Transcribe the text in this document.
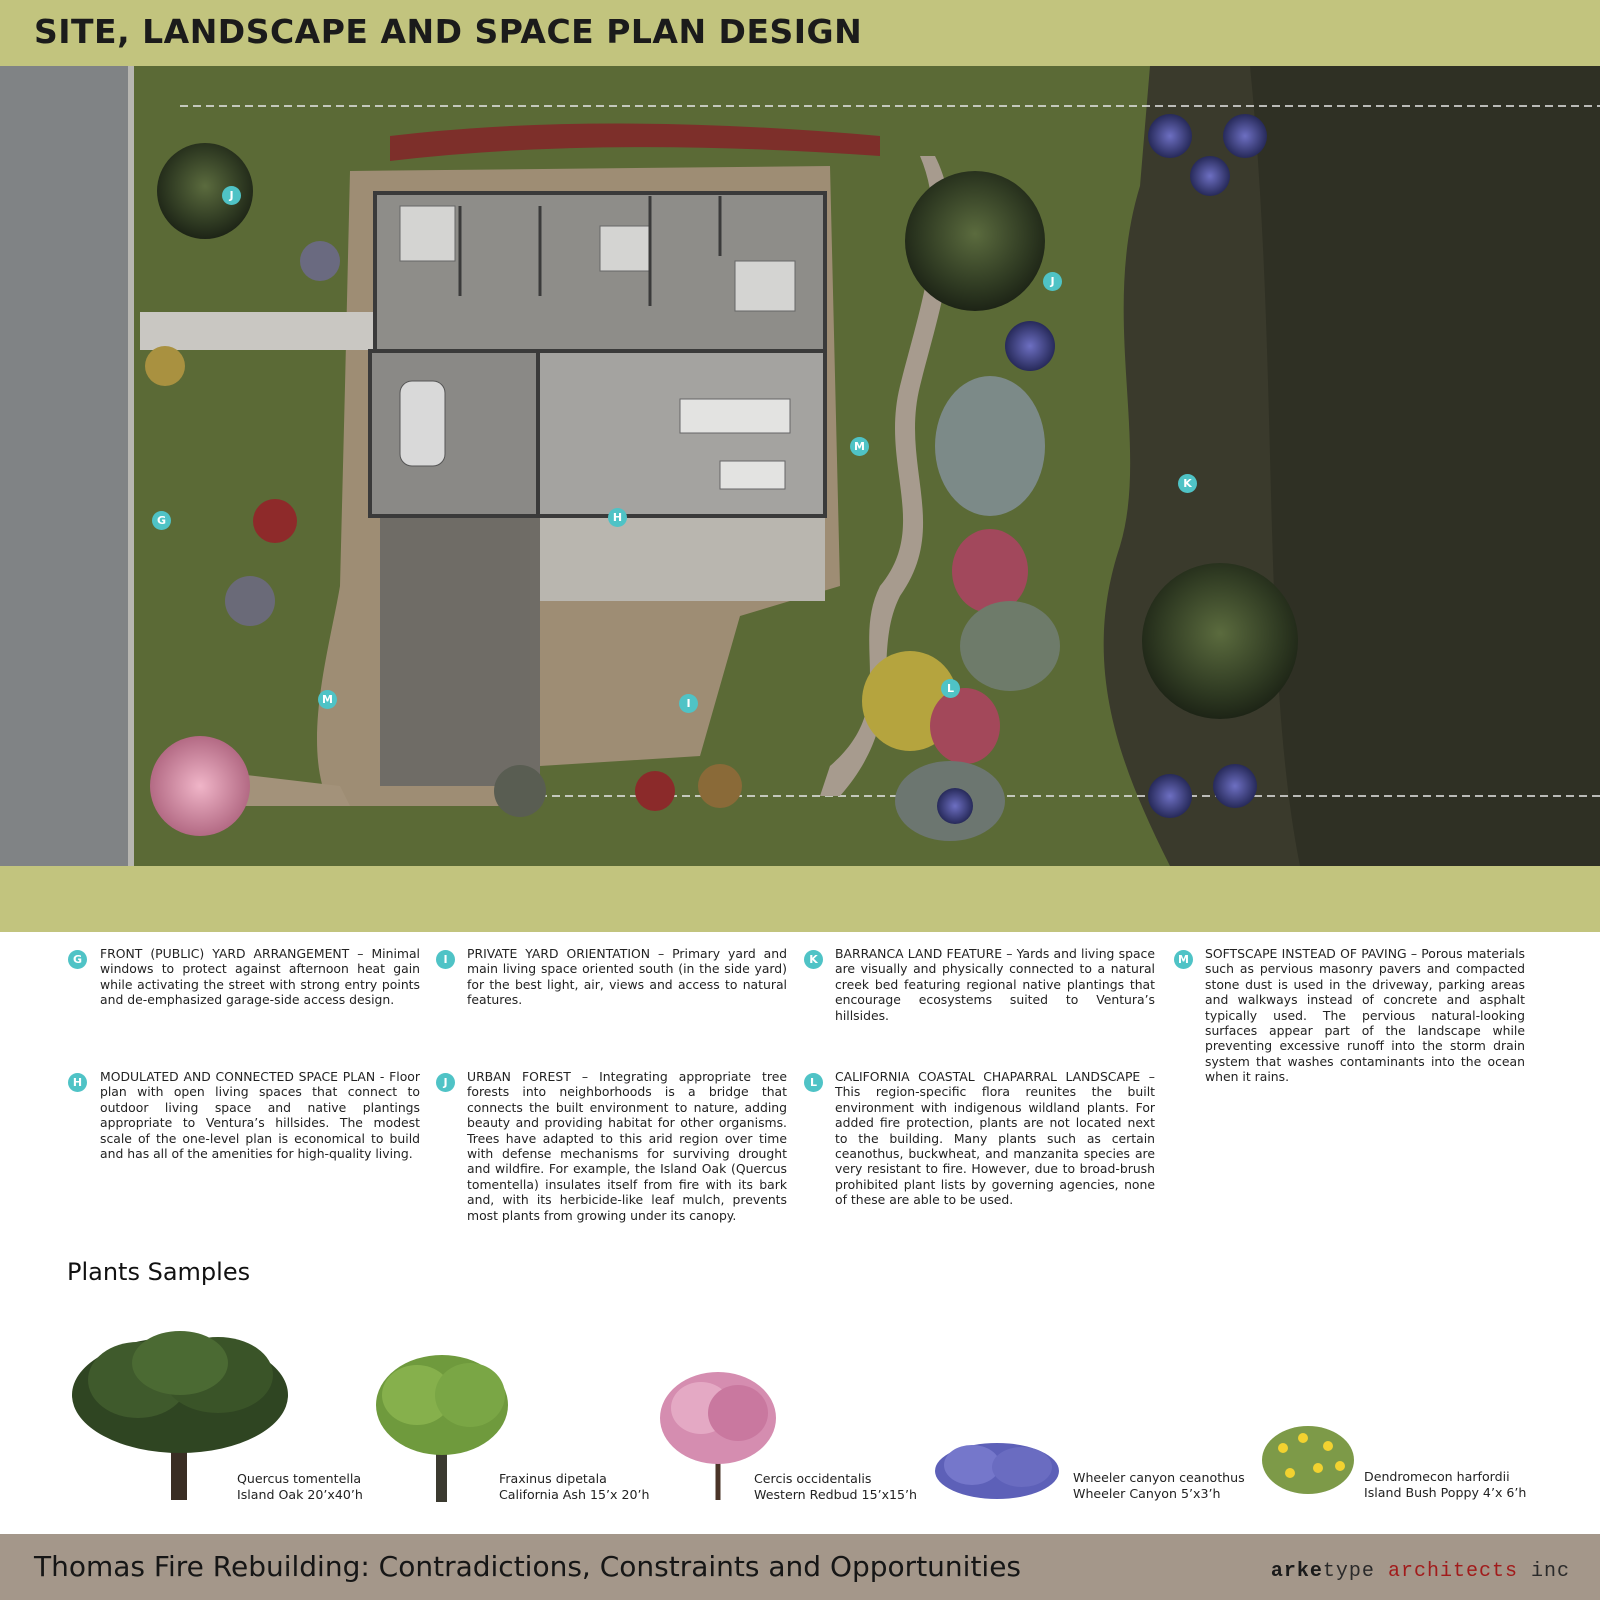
SITE, LANDSCAPE AND SPACE PLAN DESIGN
J
J
M
K
G	H
L
M	I
G	FRONT (PUBLIC) YARD ARRANGEMENT – Minimal windows to protect against afternoon heat gain while activating the street with strong entry points and de-emphasized garage-side access design.
H	MODULATED AND CONNECTED SPACE PLAN - Floor plan with open living spaces that connect to outdoor living space and native plantings appropriate to Ventura’s hillsides. The modest scale of the one-level plan is economical to build and has all of the amenities for high-quality living.
I	PRIVATE YARD ORIENTATION – Primary yard and main living space oriented south (in the side yard) for the best light, air, views and access to natural features.
J	URBAN FOREST – Integrating appropriate tree forests into neighborhoods is a bridge that connects the built environment to nature, adding beauty and providing habitat for other organisms. Trees have adapted to this arid region over time with defense mechanisms for surviving drought and wildfire. For example, the Island Oak (Quercus tomentella) insulates itself from fire with its bark and, with its herbicide-like leaf mulch, prevents most plants from growing under its canopy.
K	BARRANCA LAND FEATURE – Yards and living space are visually and physically connected to a natural creek bed featuring regional native plantings that encourage ecosystems suited to Ventura’s hillsides.
L	CALIFORNIA COASTAL CHAPARRAL LANDSCAPE – This region-specific flora reunites the built environment with indigenous wildland plants. For added fire protection, plants are not located next to the building. Many plants such as certain ceanothus, buckwheat, and manzanita species are very resistant to fire. However, due to broad-brush prohibited plant lists by governing agencies, none of these are able to be used.
M	SOFTSCAPE INSTEAD OF PAVING – Porous materials such as pervious masonry pavers and compacted stone dust is used in the driveway, parking areas and walkways instead of concrete and asphalt typically used. The pervious natural-looking surfaces appear part of the landscape while preventing excessive runoff into the storm drain system that washes contaminants into the ocean when it rains.
Plants Samples
Quercus tomentella
Island Oak 20’x40’h
Fraxinus dipetala
California Ash 15’x 20’h
Cercis occidentalis
Western Redbud 15’x15’h
Wheeler canyon ceanothus
Wheeler Canyon 5’x3’h
Dendromecon harfordii
Island Bush Poppy 4’x 6’h
Thomas Fire Rebuilding: Contradictions, Constraints and Opportunities	arketype architects inc
